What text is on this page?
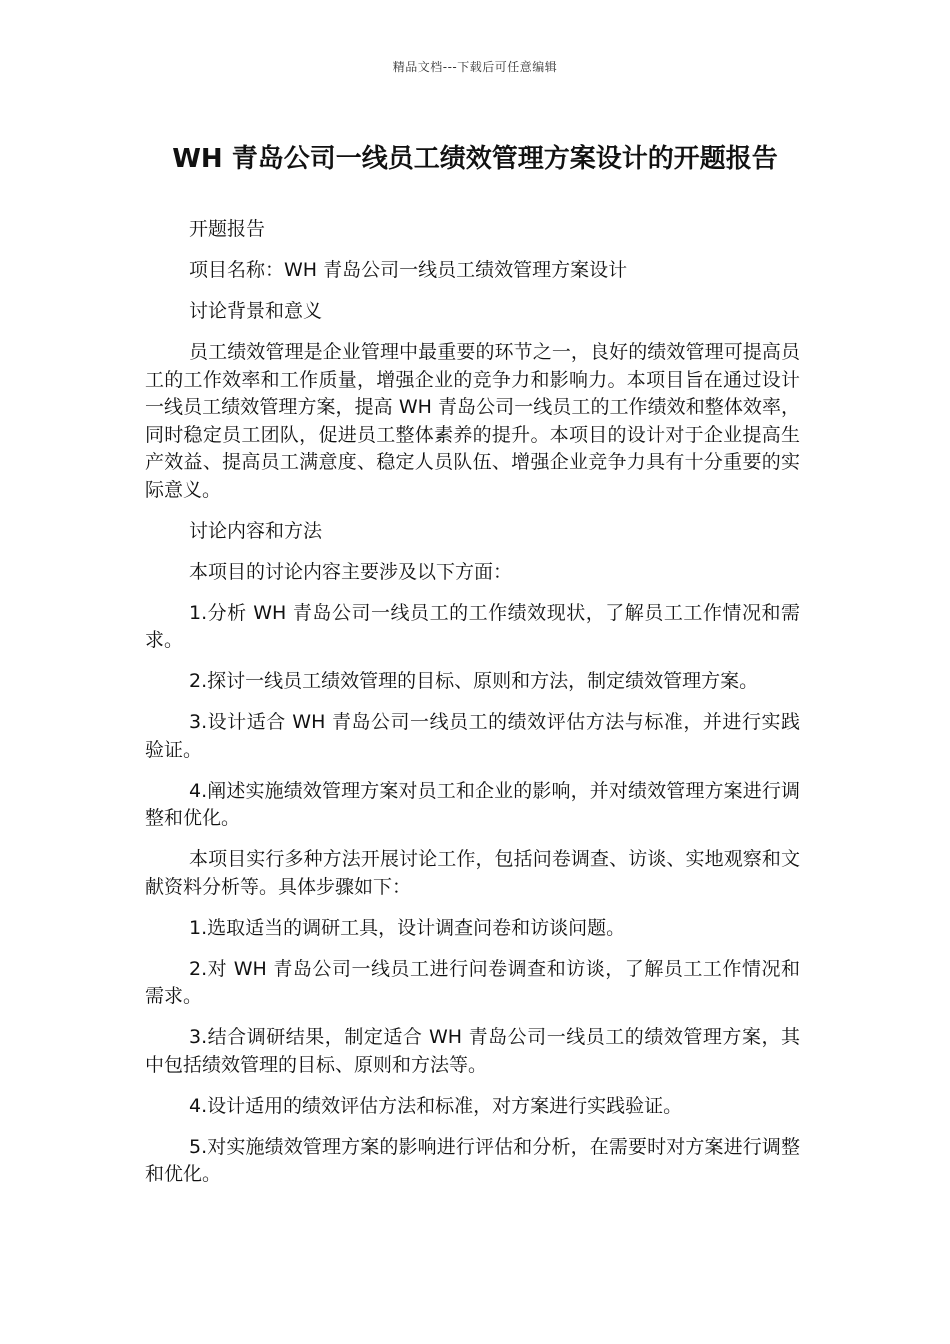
精品文档---下载后可任意编辑
WH 青岛公司一线员工绩效管理方案设计的开题报告

开题报告

项目名称：WH 青岛公司一线员工绩效管理方案设计

讨论背景和意义

员工绩效管理是企业管理中最重要的环节之一，良好的绩效管理可提高员工的工作效率和工作质量，增强企业的竞争力和影响力。本项目旨在通过设计一线员工绩效管理方案，提高 WH 青岛公司一线员工的工作绩效和整体效率，同时稳定员工团队，促进员工整体素养的提升。本项目的设计对于企业提高生产效益、提高员工满意度、稳定人员队伍、增强企业竞争力具有十分重要的实际意义。

讨论内容和方法

本项目的讨论内容主要涉及以下方面：

1.分析 WH 青岛公司一线员工的工作绩效现状，了解员工工作情况和需求。

2.探讨一线员工绩效管理的目标、原则和方法，制定绩效管理方案。

3.设计适合 WH 青岛公司一线员工的绩效评估方法与标准，并进行实践验证。

4.阐述实施绩效管理方案对员工和企业的影响，并对绩效管理方案进行调整和优化。

本项目实行多种方法开展讨论工作，包括问卷调查、访谈、实地观察和文献资料分析等。具体步骤如下：

1.选取适当的调研工具，设计调查问卷和访谈问题。

2.对 WH 青岛公司一线员工进行问卷调查和访谈，了解员工工作情况和需求。

3.结合调研结果，制定适合 WH 青岛公司一线员工的绩效管理方案，其中包括绩效管理的目标、原则和方法等。

4.设计适用的绩效评估方法和标准，对方案进行实践验证。

5.对实施绩效管理方案的影响进行评估和分析，在需要时对方案进行调整和优化。
